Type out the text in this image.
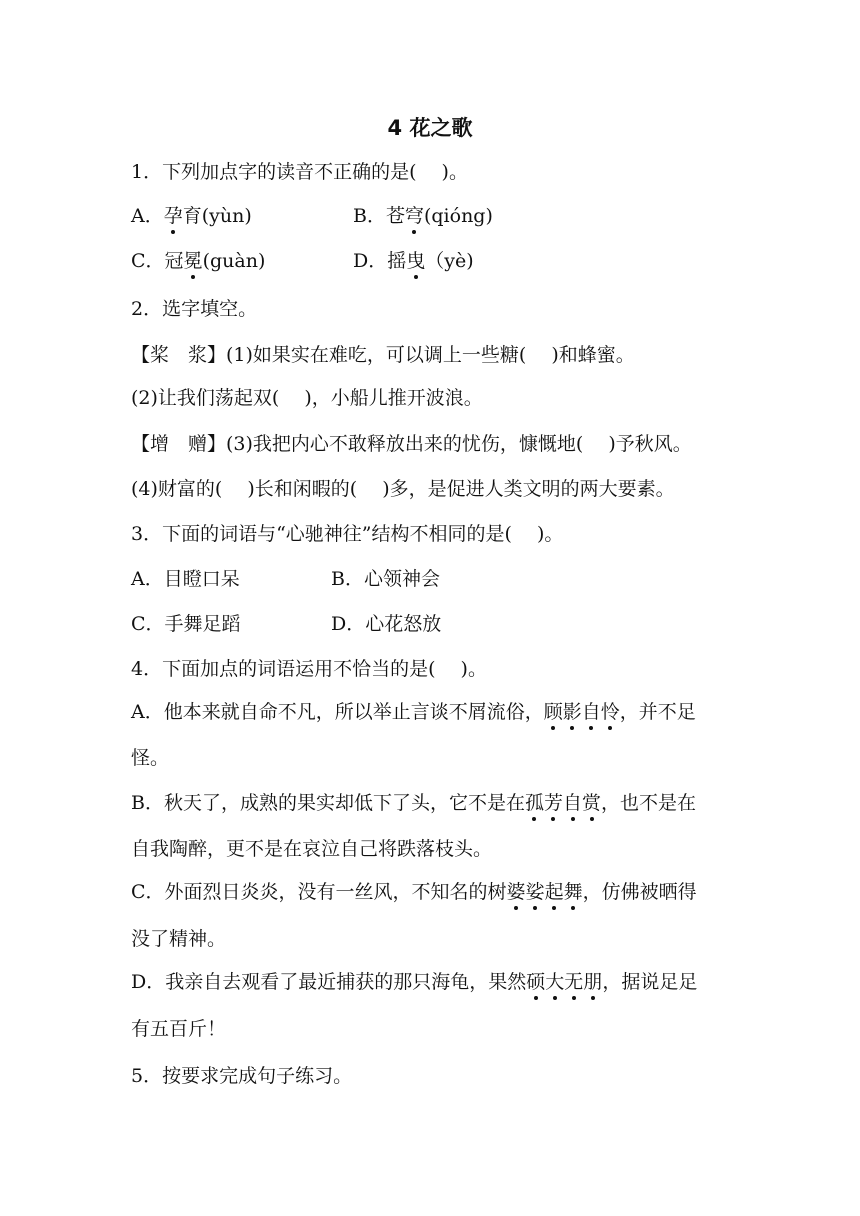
4 花之歌
1．下列加点字的读音不正确的是(　 )。
A．孕育(yùn)	B．苍穹(qióng)
C．冠冕(guàn)	D．摇曳（yè)
2．选字填空。
【桨　浆】(1)如果实在难吃，可以调上一些糖(　 )和蜂蜜。
(2)让我们荡起双(　 )，小船儿推开波浪。
【增　赠】(3)我把内心不敢释放出来的忧伤，慷慨地(　 )予秋风。
(4)财富的(　 )长和闲暇的(　 )多，是促进人类文明的两大要素。
3．下面的词语与“心驰神往”结构不相同的是(　 )。
A．目瞪口呆	B．心领神会
C．手舞足蹈	D．心花怒放
4．下面加点的词语运用不恰当的是(　 )。
A．他本来就自命不凡，所以举止言谈不屑流俗，顾影自怜，并不足
怪。
B．秋天了，成熟的果实却低下了头，它不是在孤芳自赏，也不是在
自我陶醉，更不是在哀泣自己将跌落枝头。
C．外面烈日炎炎，没有一丝风，不知名的树婆娑起舞，仿佛被晒得
没了精神。
D．我亲自去观看了最近捕获的那只海龟，果然硕大无朋，据说足足
有五百斤！
5．按要求完成句子练习。
